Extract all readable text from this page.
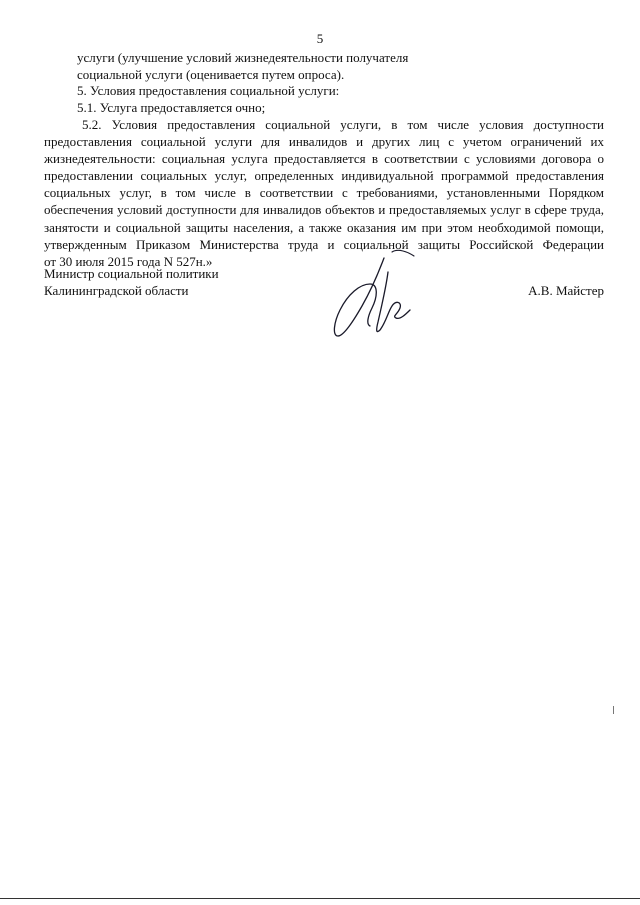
5
услуги (улучшение условий жизнедеятельности получателя
социальной услуги (оценивается путем опроса).
5. Условия предоставления социальной услуги:
5.1. Услуга предоставляется очно;
5.2. Условия предоставления социальной услуги, в том числе условия доступности
предоставления социальной услуги для инвалидов и других лиц с учетом ограничений их
жизнедеятельности: социальная услуга предоставляется в соответствии с условиями договора о
предоставлении социальных услуг, определенных индивидуальной программой предоставления
социальных услуг, в том числе в соответствии с требованиями, установленными Порядком
обеспечения условий доступности для инвалидов объектов и предоставляемых услуг в сфере труда,
занятости и социальной защиты населения, а также оказания им при этом необходимой помощи,
утвержденным Приказом Министерства труда и социальной защиты Российской Федерации
от 30 июля 2015 года N 527н.»
Министр социальной политики
Калининградской области	А.В. Майстер
